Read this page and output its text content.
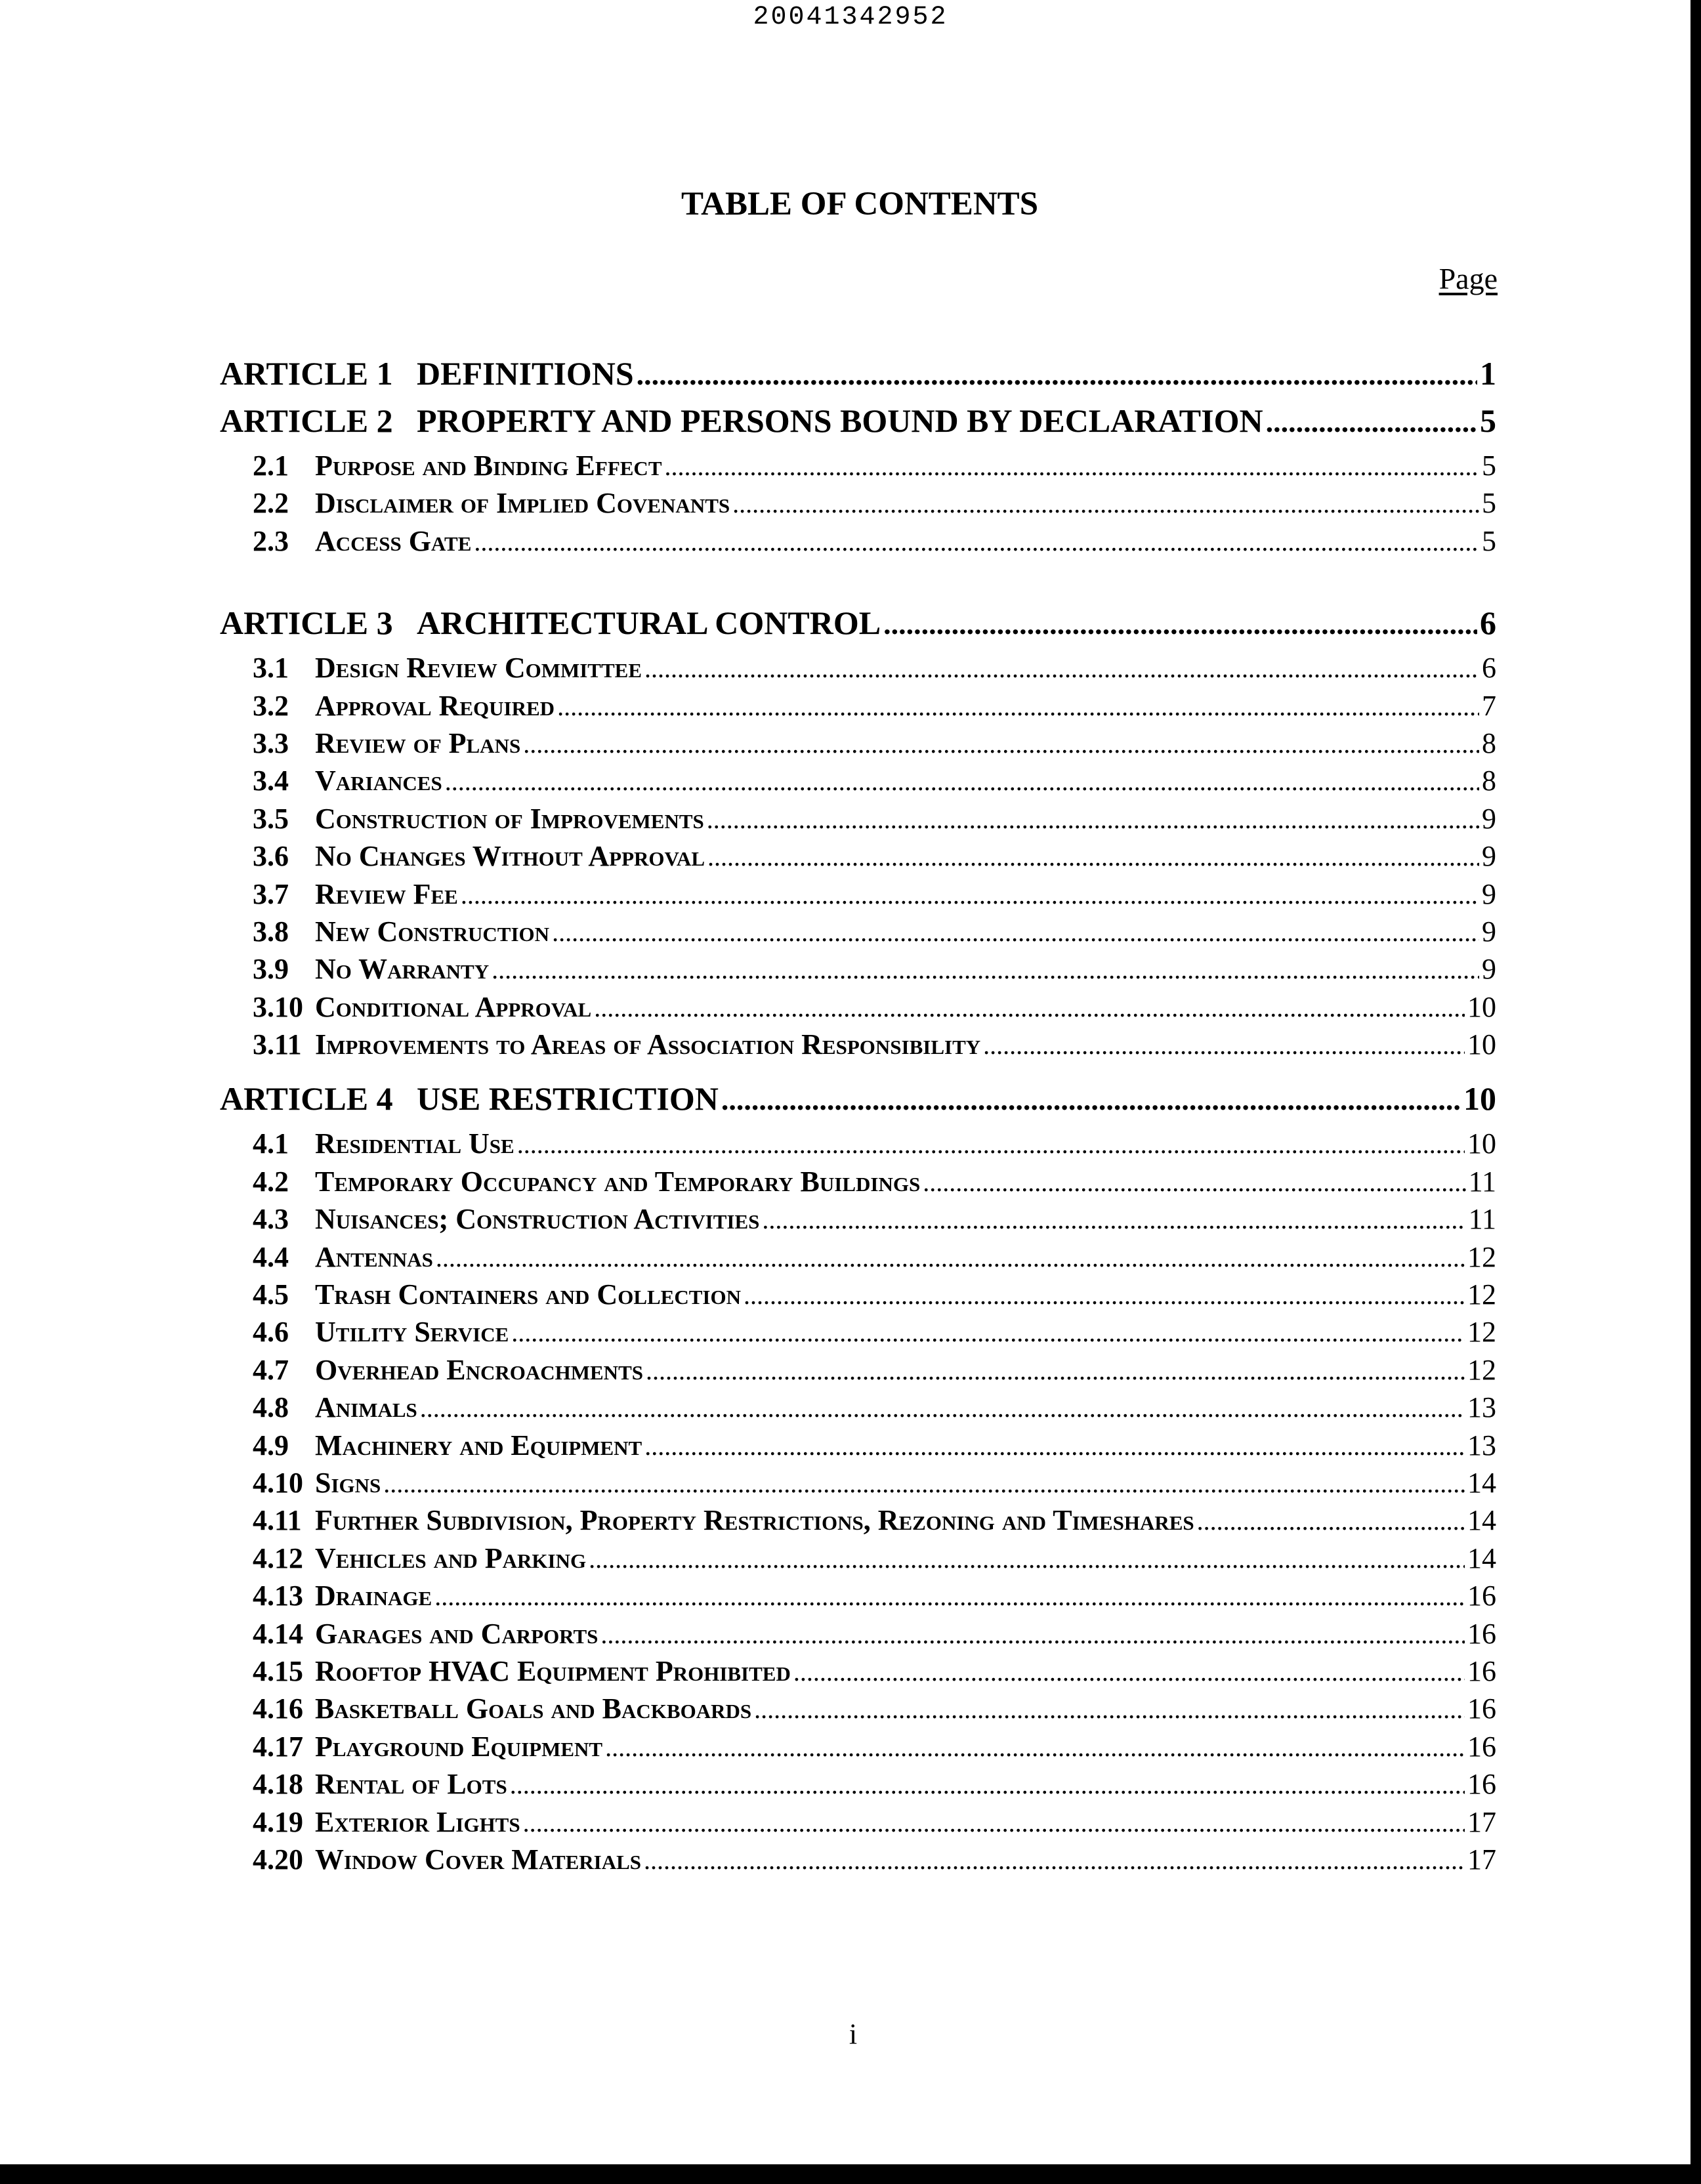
20041342952
TABLE OF CONTENTS
Page
ARTICLE 1 DEFINITIONS .....	1
ARTICLE 2 PROPERTY AND PERSONS BOUND BY DECLARATION .....	5
2.1 Purpose and Binding Effect .....	5
2.2 Disclaimer of Implied Covenants .....	5
2.3 Access Gate .....	5
ARTICLE 3 ARCHITECTURAL CONTROL .....	6
3.1 Design Review Committee .....	6
3.2 Approval Required .....	7
3.3 Review of Plans .....	8
3.4 Variances .....	8
3.5 Construction of Improvements .....	9
3.6 No Changes Without Approval .....	9
3.7 Review Fee .....	9
3.8 New Construction .....	9
3.9 No Warranty .....	9
3.10 Conditional Approval .....	10
3.11 Improvements to Areas of Association Responsibility .....	10
ARTICLE 4 USE RESTRICTION .....	10
4.1 Residential Use .....	10
4.2 Temporary Occupancy and Temporary Buildings .....	11
4.3 Nuisances; Construction Activities .....	11
4.4 Antennas .....	12
4.5 Trash Containers and Collection .....	12
4.6 Utility Service .....	12
4.7 Overhead Encroachments .....	12
4.8 Animals .....	13
4.9 Machinery and Equipment .....	13
4.10 Signs .....	14
4.11 Further Subdivision, Property Restrictions, Rezoning and Timeshares .....	14
4.12 Vehicles and Parking .....	14
4.13 Drainage .....	16
4.14 Garages and Carports .....	16
4.15 Rooftop HVAC Equipment Prohibited .....	16
4.16 Basketball Goals and Backboards .....	16
4.17 Playground Equipment .....	16
4.18 Rental of Lots .....	16
4.19 Exterior Lights .....	17
4.20 Window Cover Materials .....	17
i
